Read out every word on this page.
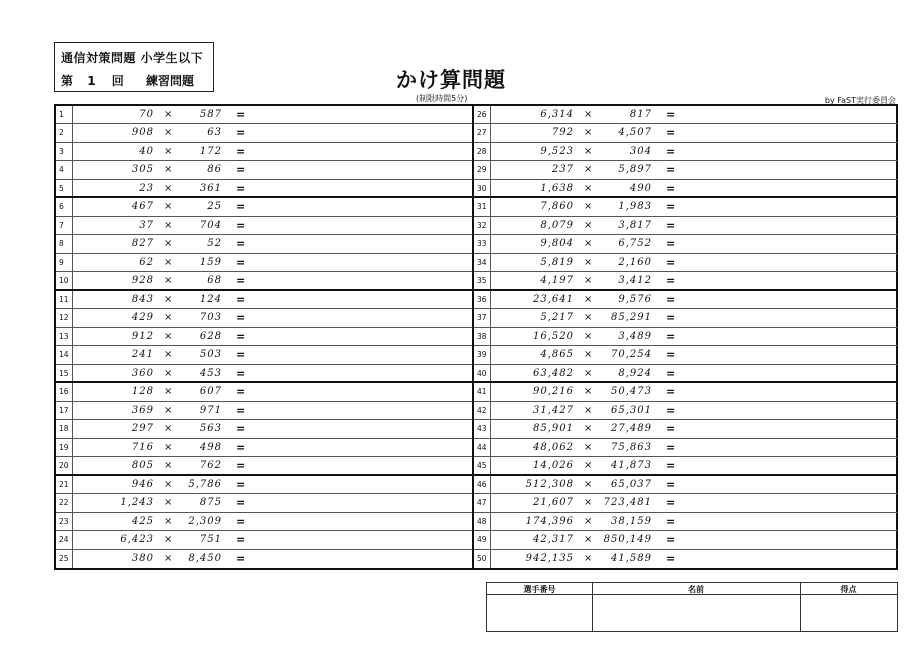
通信対策問題 小学生以下
第 1 回 練習問題	かけ算問題
(制限時間5分)	by FaST実行委員会
1	70 ×	587 =
2	908 ×	63 =
3	40 ×	172 =
4	305 ×	86 =
5	23 ×	361 =
6	467 ×	25 =
7	37 ×	704 =
8	827 ×	52 =
9	62 ×	159 =
10	928 ×	68 =
11	843 ×	124 =
12	429 ×	703 =
13	912 ×	628 =
14	241 ×	503 =
15	360 ×	453 =
16	128 ×	607 =
17	369 ×	971 =
18	297 ×	563 =
19	716 ×	498 =
20	805 ×	762 =
21	946 ×	5,786 =
22	1,243 ×	875 =
23	425 ×	2,309 =
24	6,423 ×	751 =
25	380 ×	8,450 =
26	6,314 ×	817 =
27	792 ×	4,507 =
28	9,523 ×	304 =
29	237 ×	5,897 =
30	1,638 ×	490 =
31	7,860 ×	1,983 =
32	8,079 ×	3,817 =
33	9,804 ×	6,752 =
34	5,819 ×	2,160 =
35	4,197 ×	3,412 =
36	23,641 ×	9,576 =
37	5,217 ×	85,291 =
38	16,520 ×	3,489 =
39	4,865 ×	70,254 =
40	63,482 ×	8,924 =
41	90,216 ×	50,473 =
42	31,427 ×	65,301 =
43	85,901 ×	27,489 =
44	48,062 ×	75,863 =
45	14,026 ×	41,873 =
46	512,308 ×	65,037 =
47	21,607 ×	723,481 =
48	174,396 ×	38,159 =
49	42,317 ×	850,149 =
50	942,135 ×	41,589 =
選手番号	名前	得点
